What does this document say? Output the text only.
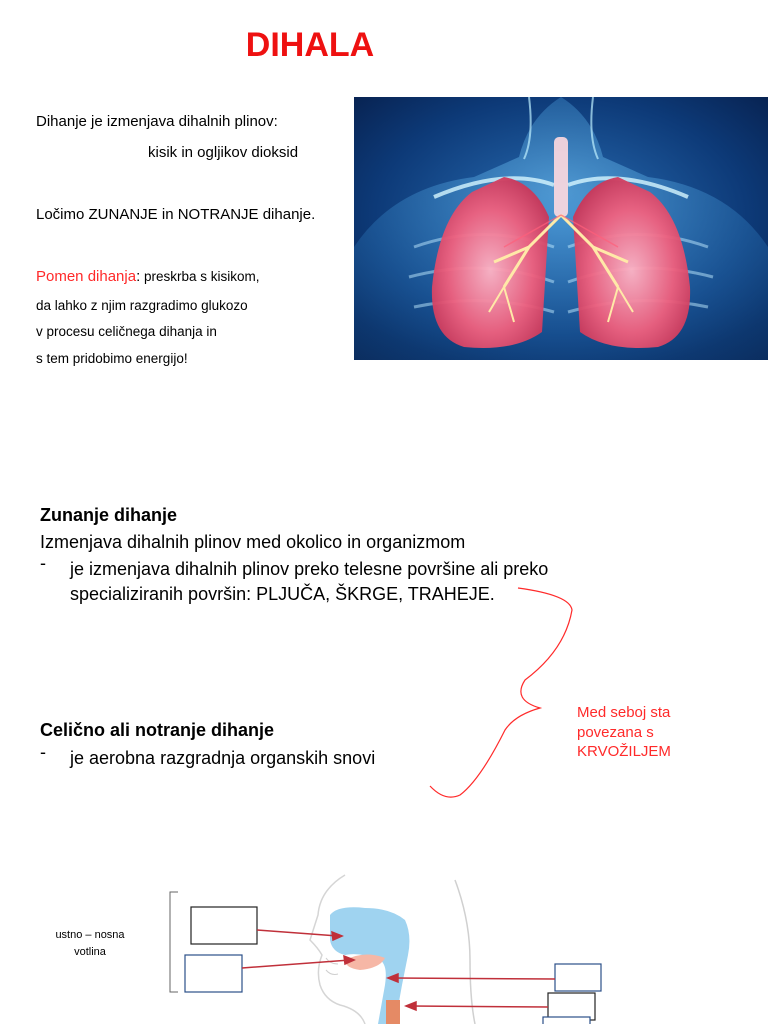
DIHALA
Dihanje je izmenjava dihalnih plinov:
kisik in ogljikov dioksid
Ločimo ZUNANJE in NOTRANJE dihanje.
Pomen dihanja: preskrba s kisikom,
da lahko z njim razgradimo glukozo
v procesu celičnega dihanja in
s tem pridobimo energijo!
Zunanje dihanje
Izmenjava dihalnih plinov med okolico in organizmom
- je izmenjava dihalnih plinov preko telesne površine ali preko
specializiranih površin: PLJUČA, ŠKRGE, TRAHEJE.
Celično ali notranje dihanje
- je aerobna razgradnja organskih snovi
Med seboj sta
povezana s
KRVOŽILJEM
ustno – nosna
votlina
